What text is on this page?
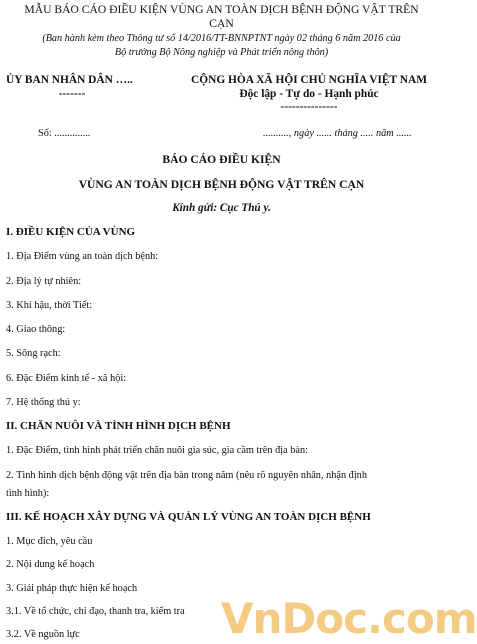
MẪU BÁO CÁO ĐIỀU KIỆN VÙNG AN TOÀN DỊCH BỆNH ĐỘNG VẬT TRÊN
CẠN
(Ban hành kèm theo Thông tư số 14/2016/TT-BNNPTNT ngày 02 tháng 6 năm 2016 của
Bộ trưởng Bộ Nông nghiệp và Phát triển nông thôn)
ỦY BAN NHÂN DÂN …..
-------
CỘNG HÒA XÃ HỘI CHỦ NGHĨA VIỆT NAM
Độc lập - Tự do - Hạnh phúc
---------------
Số: ..............	.........., ngày ...... tháng ..... năm ......
BÁO CÁO ĐIỀU KIỆN
VÙNG AN TOÀN DỊCH BỆNH ĐỘNG VẬT TRÊN CẠN
Kính gửi: Cục Thú y.
I. ĐIỀU KIỆN CỦA VÙNG
1. Địa Điểm vùng an toàn dịch bệnh:
2. Địa lý tự nhiên:
3. Khí hậu, thời Tiết:
4. Giao thông:
5. Sông rạch:
6. Đặc Điểm kinh tế - xã hội:
7. Hệ thống thú y:
II. CHĂN NUÔI VÀ TÌNH HÌNH DỊCH BỆNH
1. Đặc Điểm, tình hình phát triển chăn nuôi gia súc, gia cầm trên địa bàn:
2. Tình hình dịch bệnh động vật trên địa bàn trong năm (nêu rõ nguyên nhân, nhận định
tình hình):
III. KẾ HOẠCH XÂY DỰNG VÀ QUẢN LÝ VÙNG AN TOÀN DỊCH BỆNH
1. Mục đích, yêu cầu
2. Nội dung kế hoạch
3. Giải pháp thực hiện kế hoạch
3.1. Về tổ chức, chỉ đạo, thanh tra, kiểm tra
3.2. Về nguồn lực	VnDoc.com
